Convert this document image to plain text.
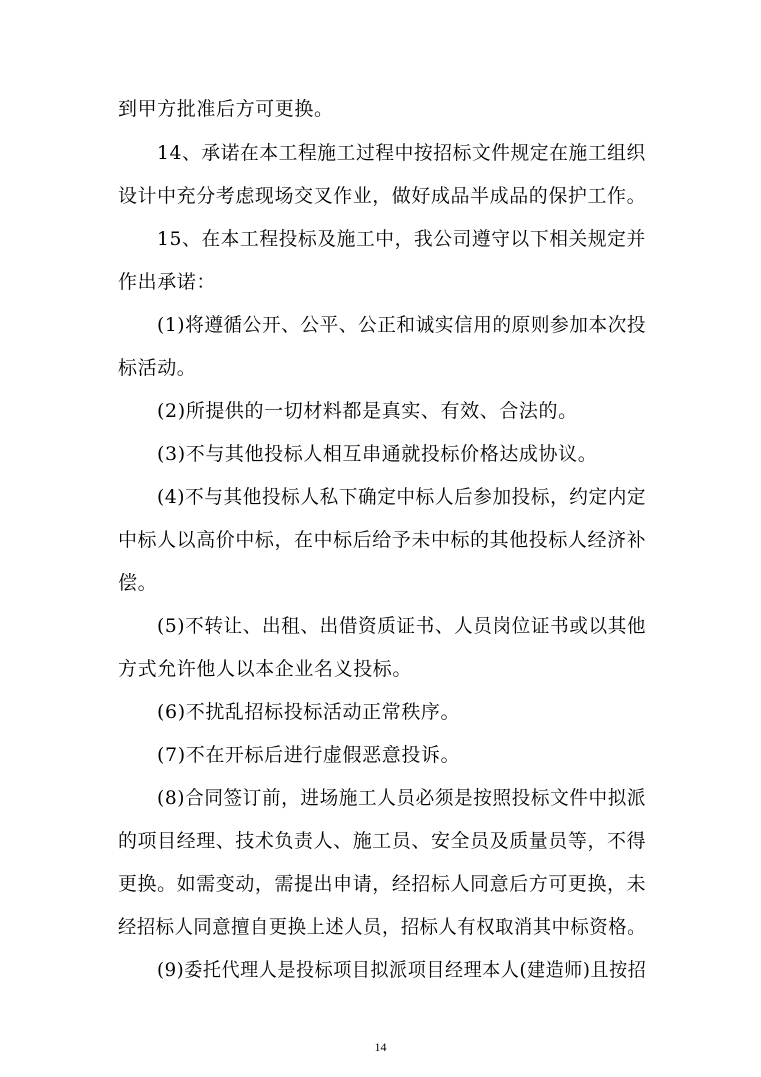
到甲方批准后方可更换。
14、承诺在本工程施工过程中按招标文件规定在施工组织
设计中充分考虑现场交叉作业，做好成品半成品的保护工作。
15、在本工程投标及施工中，我公司遵守以下相关规定并
作出承诺：
(1)将遵循公开、公平、公正和诚实信用的原则参加本次投
标活动。
(2)所提供的一切材料都是真实、有效、合法的。
(3)不与其他投标人相互串通就投标价格达成协议。
(4)不与其他投标人私下确定中标人后参加投标，约定内定
中标人以高价中标，在中标后给予未中标的其他投标人经济补
偿。
(5)不转让、出租、出借资质证书、人员岗位证书或以其他
方式允许他人以本企业名义投标。
(6)不扰乱招标投标活动正常秩序。
(7)不在开标后进行虚假恶意投诉。
(8)合同签订前，进场施工人员必须是按照投标文件中拟派
的项目经理、技术负责人、施工员、安全员及质量员等，不得
更换。如需变动，需提出申请，经招标人同意后方可更换，未
经招标人同意擅自更换上述人员，招标人有权取消其中标资格。
(9)委托代理人是投标项目拟派项目经理本人(建造师)且按招
14
